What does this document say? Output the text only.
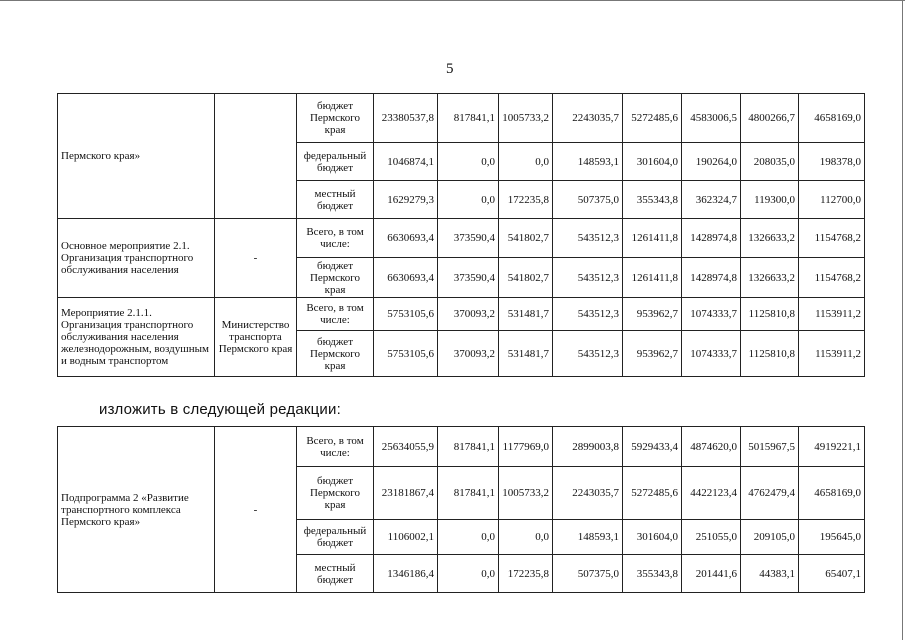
5
Пермского края»		бюджет Пермского края	23380537,8	817841,1	1005733,2	2243035,7	5272485,6	4583006,5	4800266,7	4658169,0
		федеральный бюджет	1046874,1	0,0	0,0	148593,1	301604,0	190264,0	208035,0	198378,0
		местный бюджет	1629279,3	0,0	172235,8	507375,0	355343,8	362324,7	119300,0	112700,0
Основное мероприятие 2.1. Организация транспортного обслуживания населения	-	Всего, в том числе:	6630693,4	373590,4	541802,7	543512,3	1261411,8	1428974,8	1326633,2	1154768,2
		бюджет Пермского края	6630693,4	373590,4	541802,7	543512,3	1261411,8	1428974,8	1326633,2	1154768,2
Мероприятие 2.1.1. Организация транспортного обслуживания населения железнодорожным, воздушным и водным транспортом	Министерство транспорта Пермского края	Всего, в том числе:	5753105,6	370093,2	531481,7	543512,3	953962,7	1074333,7	1125810,8	1153911,2
		бюджет Пермского края	5753105,6	370093,2	531481,7	543512,3	953962,7	1074333,7	1125810,8	1153911,2
изложить в следующей редакции:
Подпрограмма 2 «Развитие транспортного комплекса Пермского края»	-	Всего, в том числе:	25634055,9	817841,1	1177969,0	2899003,8	5929433,4	4874620,0	5015967,5	4919221,1
		бюджет Пермского края	23181867,4	817841,1	1005733,2	2243035,7	5272485,6	4422123,4	4762479,4	4658169,0
		федеральный бюджет	1106002,1	0,0	0,0	148593,1	301604,0	251055,0	209105,0	195645,0
		местный бюджет	1346186,4	0,0	172235,8	507375,0	355343,8	201441,6	44383,1	65407,1
